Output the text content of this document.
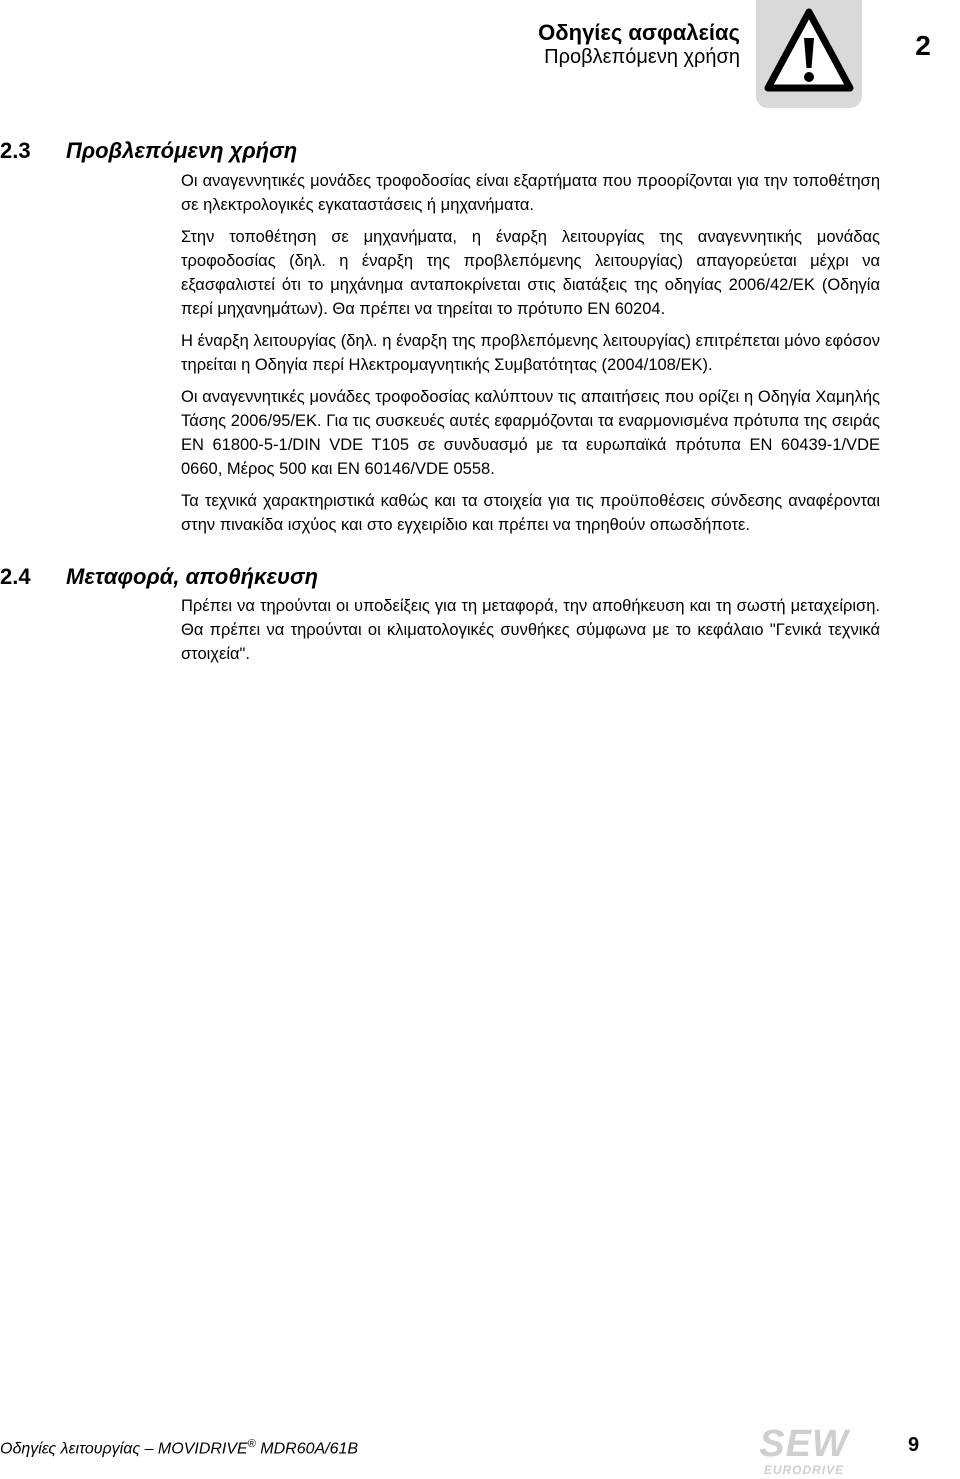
Οδηγίες ασφαλείας
Προβλεπόμενη χρήση	2
2.3 Προβλεπόμενη χρήση

Οι αναγεννητικές μονάδες τροφοδοσίας είναι εξαρτήματα που προορίζονται για την τοποθέτηση σε ηλεκτρολογικές εγκαταστάσεις ή μηχανήματα.

Στην τοποθέτηση σε μηχανήματα, η έναρξη λειτουργίας της αναγεννητικής μονάδας τροφοδοσίας (δηλ. η έναρξη της προβλεπόμενης λειτουργίας) απαγορεύεται μέχρι να εξασφαλιστεί ότι το μηχάνημα ανταποκρίνεται στις διατάξεις της οδηγίας 2006/42/ΕΚ (Οδηγία περί μηχανημάτων). Θα πρέπει να τηρείται το πρότυπο EN 60204.

Η έναρξη λειτουργίας (δηλ. η έναρξη της προβλεπόμενης λειτουργίας) επιτρέπεται μόνο εφόσον τηρείται η Οδηγία περί Ηλεκτρομαγνητικής Συμβατότητας (2004/108/ΕΚ).

Οι αναγεννητικές μονάδες τροφοδοσίας καλύπτουν τις απαιτήσεις που ορίζει η Οδηγία Χαμηλής Τάσης 2006/95/ΕΚ. Για τις συσκευές αυτές εφαρμόζονται τα εναρμονισμένα πρότυπα της σειράς EN 61800-5-1/DIN VDE T105 σε συνδυασμό με τα ευρωπαϊκά πρότυπα EN 60439-1/VDE 0660, Μέρος 500 και EN 60146/VDE 0558.

Τα τεχνικά χαρακτηριστικά καθώς και τα στοιχεία για τις προϋποθέσεις σύνδεσης αναφέρονται στην πινακίδα ισχύος και στο εγχειρίδιο και πρέπει να τηρηθούν οπωσδήποτε.

2.4 Μεταφορά, αποθήκευση

Πρέπει να τηρούνται οι υποδείξεις για τη μεταφορά, την αποθήκευση και τη σωστή μεταχείριση. Θα πρέπει να τηρούνται οι κλιματολογικές συνθήκες σύμφωνα με το κεφάλαιο "Γενικά τεχνικά στοιχεία".

Οδηγίες λειτουργίας – MOVIDRIVE® MDR60A/61B	SEW
EURODRIVE
9
